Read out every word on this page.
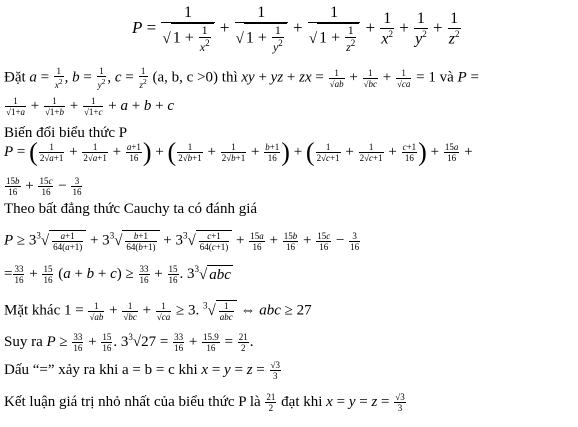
$P = \frac{1}{√ 1 + \frac{1}{x^2}} + \frac{1}{√ 1 + \frac{1}{y^2}} + \frac{1}{√ 1 + \frac{1}{z^2}} + \frac{1}{x^2} + \frac{1}{y^2} + \frac{1}{z^2}$
Đặt $a = \frac{1}{x^2}$ , $b = \frac{1}{y^2}$ , $c = \frac{1}{z^2} (a$, b, c >0) thì xy + yz + zx = $\frac{1}{√ab} + \frac{1}{√bc} + \frac{1}{√ca} = 1$ và P =
$\frac{1}{√1+a} + \frac{1}{√1+b} + \frac{1}{√1+c} + a + b + c$
Biến đổi biểu thức P
P = ( $\frac{1}{2√a+1} + \frac{1}{2√a+1} + \frac{a+1}{16}$ ) + ( $\frac{1}{2√b+1} + \frac{1}{2√b+1} + \frac{b+1}{16}$ ) + ( $\frac{1}{2√c+1} + \frac{1}{2√c+1} + \frac{c+1}{16}$ ) + $\frac{15a}{16}$ +
$\frac{15b}{16} + \frac{15c}{16} - \frac{3}{16}$
Theo bất đẳng thức Cauchy ta có đánh giá
$P \ge 3^3√ \frac{a+1}{64(a+1)} + 3^3√ \frac{b+1}{64(b+1)} + 3^3√ \frac{c+1}{64(c+1)} + \frac{15a}{16} + \frac{15b}{16} + \frac{15c}{16} - \frac{3}{16}$
= $\frac{33}{16} + \frac{15}{16} (a + b + c) \ge \frac{33}{16} + \frac{15}{16}$ . $3^3√$ abc
Mặt khác $1 = \frac{1}{√ab} + \frac{1}{√bc} + \frac{1}{√ca} \ge 3$. $^3√ \frac{1}{\text{abc}}$ ⇔ abc ≥ 27
Suy ra $P \ge \frac{33}{16} + \frac{15}{16}$ . $3^3√27 = \frac{33}{16} + \frac{15.9}{16} = \frac{21}{2}$ .
Dấu “=” xảy ra khi a = b = c khi $x = y = z = \frac{√3}{3}$
Kết luận giá trị nhỏ nhất của biểu thức P là $\frac{21}{2}$ đạt khi $x = y = z = \frac{√3}{3}$
